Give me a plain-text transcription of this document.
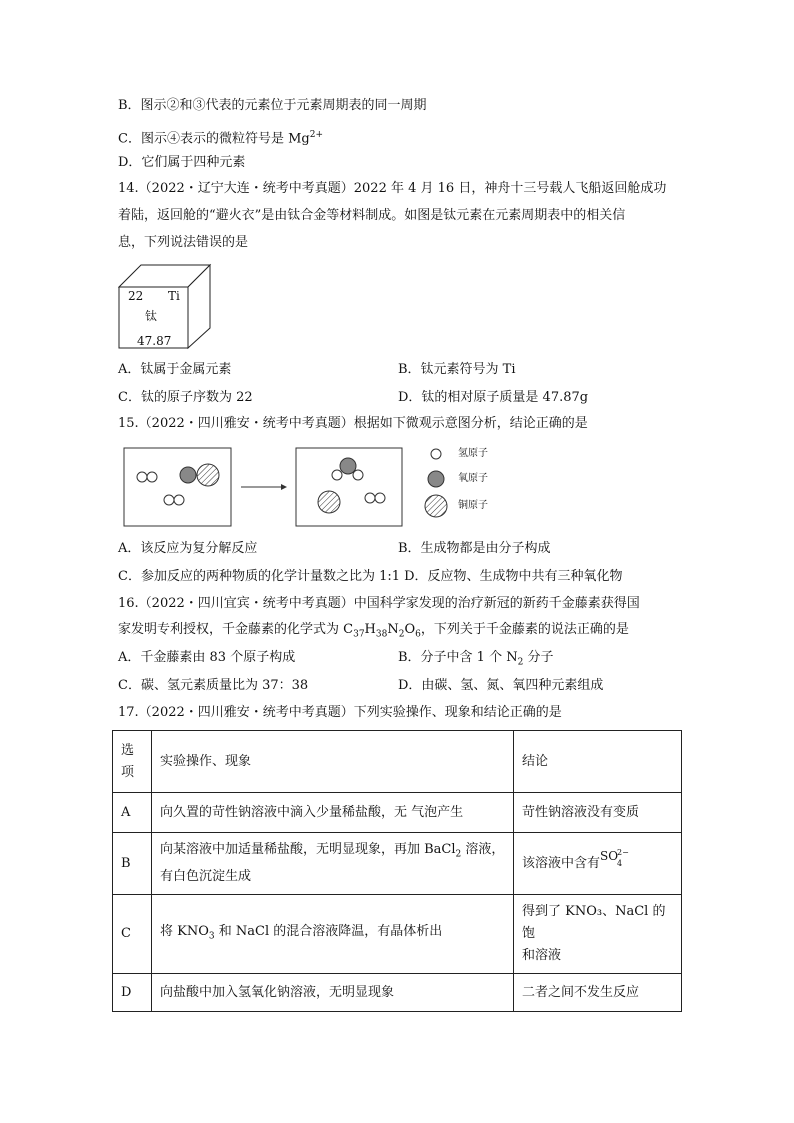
B．图示②和③代表的元素位于元素周期表的同一周期
C．图示④表示的微粒符号是 $Mg^{2+}$
D．它们属于四种元素
14.（2022・辽宁大连・统考中考真题）2022 年 4 月 16 日，神舟十三号载人飞船返回舱成功
着陆，返回舱的“避火衣”是由钛合金等材料制成。如图是钛元素在元素周期表中的相关信
息，下列说法错误的是
22 Ti
钛
47.87
A．钛属于金属元素	B．钛元素符号为 Ti
C．钛的原子序数为 22	D．钛的相对原子质量是 47.87g
15.（2022・四川雅安・统考中考真题）根据如下微观示意图分析，结论正确的是
氢原子
氧原子
铜原子
A．该反应为复分解反应	B．生成物都是由分子构成
C．参加反应的两种物质的化学计量数之比为 1:1 D．反应物、生成物中共有三种氧化物
16.（2022・四川宜宾・统考中考真题）中国科学家发现的治疗新冠的新药千金藤素获得国
家发明专利授权，千金藤素的化学式为 $C_{37}H_{38}N_2O_6$，下列关于千金藤素的说法正确的是
A．千金藤素由 83 个原子构成	B．分子中含 1 个 $N_2$ 分子
C．碳、氢元素质量比为 37：38	D．由碳、氢、氮、氧四种元素组成
17.（2022・四川雅安・统考中考真题）下列实验操作、现象和结论正确的是
选
项	实验操作、现象	结论
A	向久置的苛性钠溶液中滴入少量稀盐酸，无 气泡产生	苛性钠溶液没有变质
B	向某溶液中加适量稀盐酸，无明显现象，再加 BaCl$_2$ 溶液，
有白色沉淀生成	该溶液中含有 SO
2−
4

C	将 $KNO_3$ 和 NaCl 的混合溶液降温，有晶体析出	得到了 KNO₃、NaCl 的饱
和溶液
D	向盐酸中加入氢氧化钠溶液，无明显现象	二者之间不发生反应
